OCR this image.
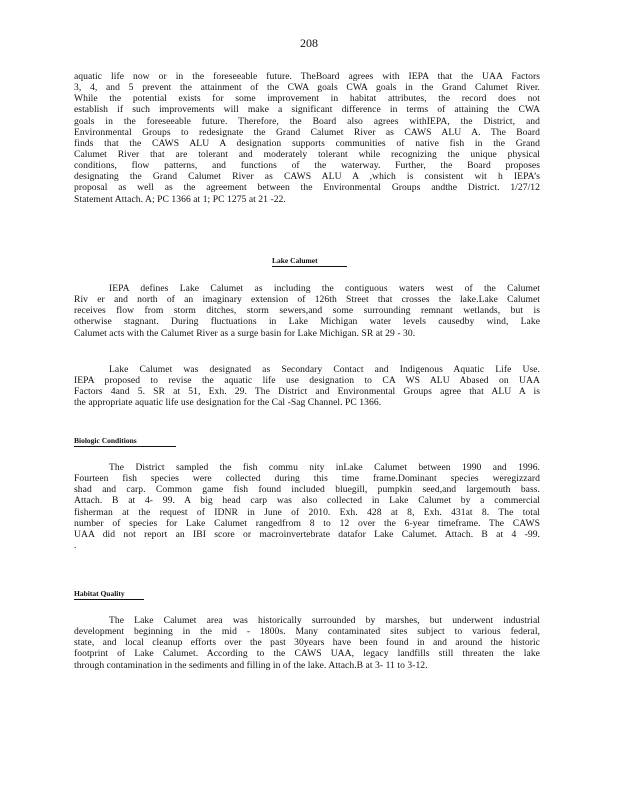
208
aquatic life now or in the foreseeable future. TheBoard agrees with IEPA that the UAA Factors
3, 4, and 5 prevent the attainment of the CWA goals CWA goals in the Grand Calumet River.
While the potential exists for some improvement in habitat attributes, the record does not
establish if such improvements will make a significant difference in terms of attaining the CWA
goals in the foreseeable future. Therefore, the Board also agrees withIEPA, the District, and
Environmental Groups to redesignate the Grand Calumet River as CAWS ALU A. The Board
finds that the CAWS ALU A designation supports communities of native fish in the Grand
Calumet River that are tolerant and moderately tolerant while recognizing the unique physical
conditions, flow patterns, and functions of the waterway. Further, the Board proposes
designating the Grand Calumet River as CAWS ALU A ,which is consistent wit h IEPA’s
proposal as well as the agreement between the Environmental Groups andthe District. 1/27/12
Statement Attach. A; PC 1366 at 1; PC 1275 at 21 -22.
Lake Calumet
IEPA defines Lake Calumet as including the contiguous waters west of the Calumet
Riv er and north of an imaginary extension of 126th Street that crosses the lake.Lake Calumet
receives flow from storm ditches, storm sewers,and some surrounding remnant wetlands, but is
otherwise stagnant. During fluctuations in Lake Michigan water levels causedby wind, Lake
Calumet acts with the Calumet River as a surge basin for Lake Michigan. SR at 29 - 30.
Lake Calumet was designated as Secondary Contact and Indigenous Aquatic Life Use.
IEPA proposed to revise the aquatic life use designation to CA WS ALU Abased on UAA
Factors 4and 5. SR at 51, Exh. 29. The District and Environmental Groups agree that ALU A is
the appropriate aquatic life use designation for the Cal -Sag Channel. PC 1366.
Biologic Conditions
The District sampled the fish commu nity inLake Calumet between 1990 and 1996.
Fourteen fish species were collected during this time frame.Dominant species weregizzard
shad and carp. Common game fish found included bluegill, pumpkin seed,and largemouth bass.
Attach. B at 4- 99. A big head carp was also collected in Lake Calumet by a commercial
fisherman at the request of IDNR in June of 2010. Exh. 428 at 8, Exh. 431at 8. The total
number of species for Lake Calumet rangedfrom 8 to 12 over the 6-year timeframe. The CAWS
UAA did not report an IBI score or macroinvertebrate datafor Lake Calumet. Attach. B at 4 -99.
.
Habitat Quality
The Lake Calumet area was historically surrounded by marshes, but underwent industrial
development beginning in the mid - 1800s. Many contaminated sites subject to various federal,
state, and local cleanup efforts over the past 30years have been found in and around the historic
footprint of Lake Calumet. According to the CAWS UAA, legacy landfills still threaten the lake
through contamination in the sediments and filling in of the lake. Attach.B at 3- 11 to 3-12.
